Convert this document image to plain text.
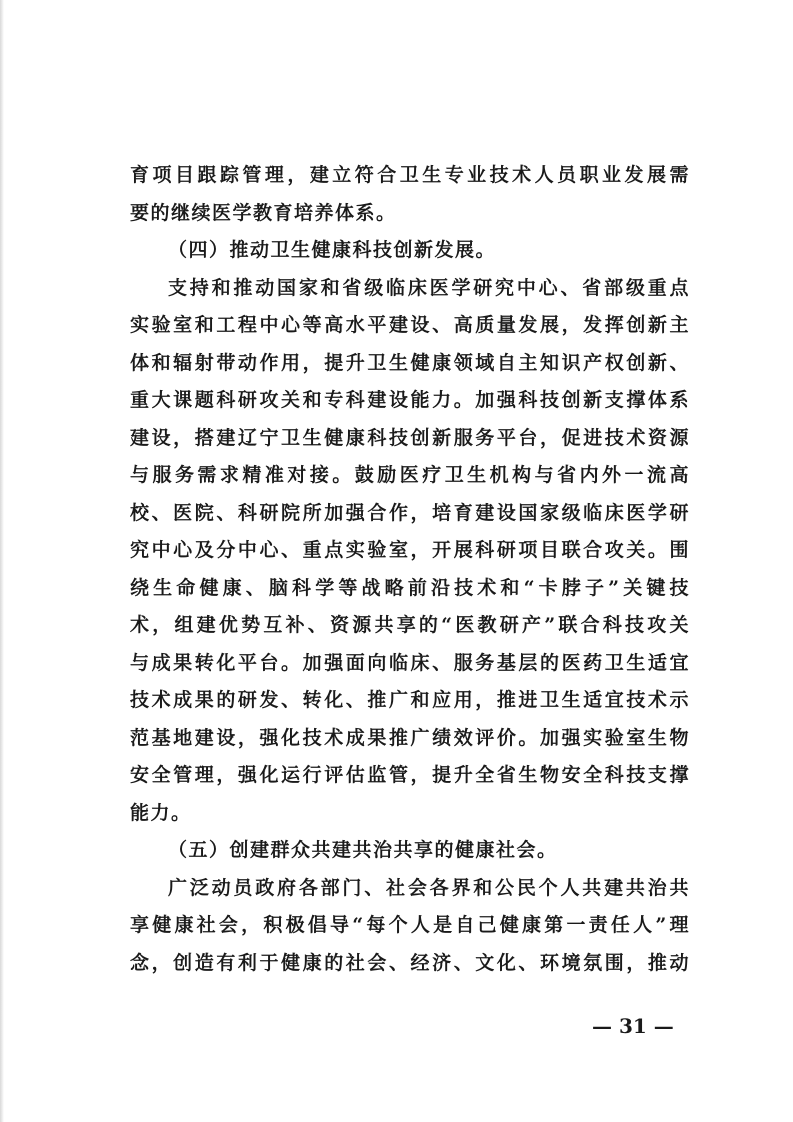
育项目跟踪管理，建立符合卫生专业技术人员职业发展需
要的继续医学教育培养体系。
（四）推动卫生健康科技创新发展。
支持和推动国家和省级临床医学研究中心、省部级重点
实验室和工程中心等高水平建设、高质量发展，发挥创新主
体和辐射带动作用，提升卫生健康领域自主知识产权创新、
重大课题科研攻关和专科建设能力。加强科技创新支撑体系
建设，搭建辽宁卫生健康科技创新服务平台，促进技术资源
与服务需求精准对接。鼓励医疗卫生机构与省内外一流高
校、医院、科研院所加强合作，培育建设国家级临床医学研
究中心及分中心、重点实验室，开展科研项目联合攻关。围
绕生命健康、脑科学等战略前沿技术和“卡脖子”关键技
术，组建优势互补、资源共享的“医教研产”联合科技攻关
与成果转化平台。加强面向临床、服务基层的医药卫生适宜
技术成果的研发、转化、推广和应用，推进卫生适宜技术示
范基地建设，强化技术成果推广绩效评价。加强实验室生物
安全管理，强化运行评估监管，提升全省生物安全科技支撑
能力。
（五）创建群众共建共治共享的健康社会。
广泛动员政府各部门、社会各界和公民个人共建共治共
享健康社会，积极倡导“每个人是自己健康第一责任人”理
念，创造有利于健康的社会、经济、文化、环境氛围，推动
— 31 —
